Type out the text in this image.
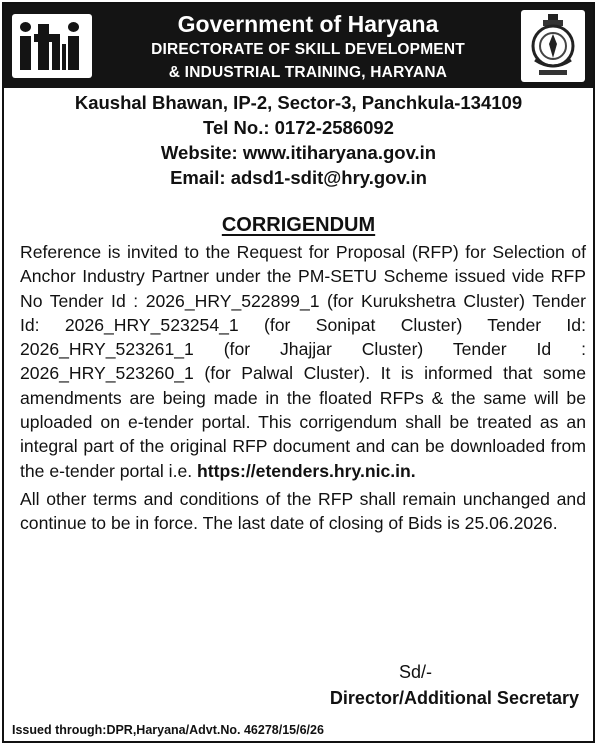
Government of Haryana
DIRECTORATE OF SKILL DEVELOPMENT
& INDUSTRIAL TRAINING, HARYANA
Kaushal Bhawan, IP-2, Sector-3, Panchkula-134109
Tel No.: 0172-2586092
Website: www.itiharyana.gov.in
Email: adsd1-sdit@hry.gov.in
CORRIGENDUM

Reference is invited to the Request for Proposal (RFP) for Selection of Anchor Industry Partner under the PM-SETU Scheme issued vide RFP No Tender Id : 2026_HRY_522899_1 (for Kurukshetra Cluster) Tender Id: 2026_HRY_523254_1 (for Sonipat Cluster) Tender Id: 2026_HRY_523261_1 (for Jhajjar Cluster) Tender Id : 2026_HRY_523260_1 (for Palwal Cluster). It is informed that some amendments are being made in the floated RFPs & the same will be uploaded on e-tender portal. This corrigendum shall be treated as an integral part of the original RFP document and can be downloaded from the e-tender portal i.e. https://etenders.hry.nic.in.

All other terms and conditions of the RFP shall remain unchanged and continue to be in force. The last date of closing of Bids is 25.06.2026.

Sd/-
Director/Additional Secretary
Issued through:DPR,Haryana/Advt.No. 46278/15/6/26
